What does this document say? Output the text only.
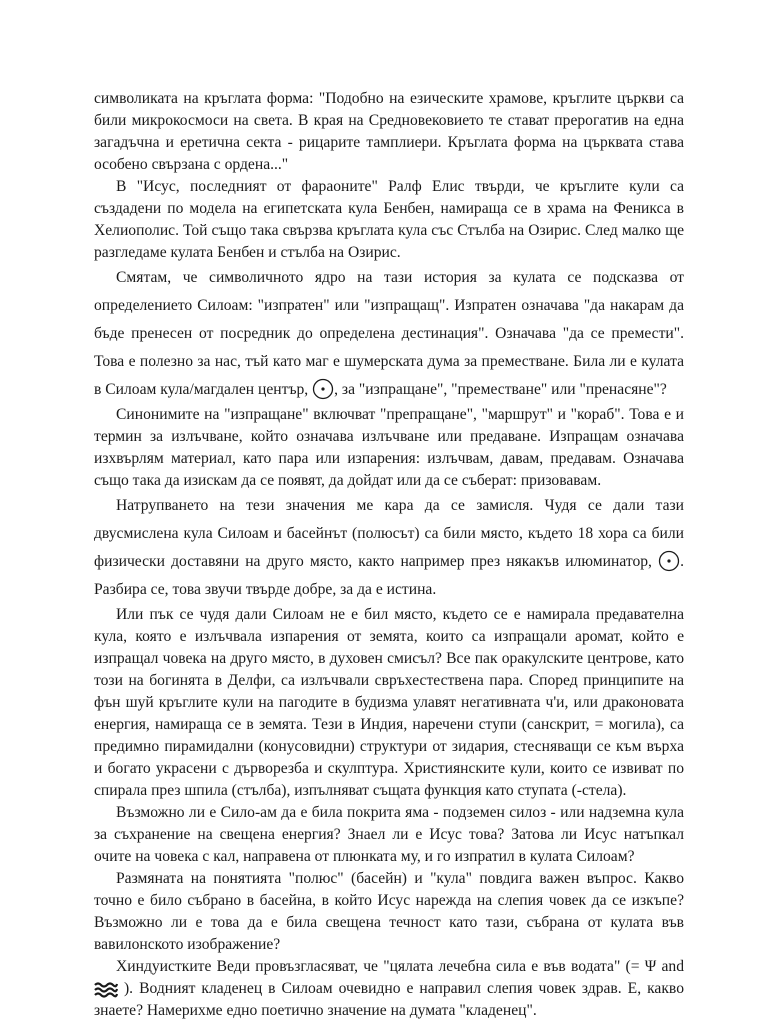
символиката на кръглата форма: "Подобно на езическите храмове, кръглите църкви са били микрокосмоси на света. В края на Средновековието те стават прерогатив на една загадъчна и еретична секта - рицарите тамплиери. Кръглата форма на църквата става особено свързана с ордена..."

В "Исус, последният от фараоните" Ралф Елис твърди, че кръглите кули са създадени по модела на египетската кула Бенбен, намираща се в храма на Феникса в Хелиополис. Той също така свързва кръглата кула със Стълба на Озирис. След малко ще разгледаме кулата Бенбен и стълба на Озирис.

Смятам, че символичното ядро на тази история за кулата се подсказва от определението Силоам: "изпратен" или "изпращащ". Изпратен означава "да накарам да бъде пренесен от посредник до определена дестинация". Означава "да се премести". Това е полезно за нас, тъй като маг е шумерската дума за преместване. Била ли е кулата в Силоам кула/магдален център,
, за "изпращане", "преместване" или "пренасяне"?

Синонимите на "изпращане" включват "препращане", "маршрут" и "кораб". Това е и термин за излъчване, който означава излъчване или предаване. Изпращам означава изхвърлям материал, като пара или изпарения: излъчвам, давам, предавам. Означава също така да изискам да се появят, да дойдат или да се съберат: призовавам.

Натрупването на тези значения ме кара да се замисля. Чудя се дали тази двусмислена кула Силоам и басейнът (полюсът) са били място, където 18 хора са били физически доставяни на друго място, както например през някакъв илюминатор,
. Разбира се, това звучи твърде добре, за да е истина.

Или пък се чудя дали Силоам не е бил място, където се е намирала предавателна кула, която е излъчвала изпарения от земята, които са изпращали аромат, който е изпращал човека на друго място, в духовен смисъл? Все пак оракулските центрове, като този на богинята в Делфи, са излъчвали свръхестествена пара. Според принципите на фън шуй кръглите кули на пагодите в будизма улавят негативната ч'и, или драконовата енергия, намираща се в земята. Тези в Индия, наречени ступи (санскрит, = могила), са предимно пирамидални (конусовидни) структури от зидария, стесняващи се към върха и богато украсени с дърворезба и скулптура. Християнските кули, които се извиват по спирала през шпила (стълба), изпълняват същата функция като ступата (-стела).

Възможно ли е Сило-ам да е била покрита яма - подземен силоз - или надземна кула за съхранение на свещена енергия? Знаел ли е Исус това? Затова ли Исус натъпкал очите на човека с кал, направена от плюнката му, и го изпратил в кулата Силоам?

Размяната на понятията "полюс" (басейн) и "кула" повдига важен въпрос. Какво точно е било събрано в басейна, в който Исус нарежда на слепия човек да се изкъпе? Възможно ли е това да е била свещена течност като тази, събрана от кулата във вавилонското изображение?

Хиндуистките Веди провъзгласяват, че "цялата лечебна сила е във водата" (= Ψ and
). Водният кладенец в Силоам очевидно е направил слепия човек здрав. Е, какво знаете? Намерихме едно поетично значение на думата "кладенец".
